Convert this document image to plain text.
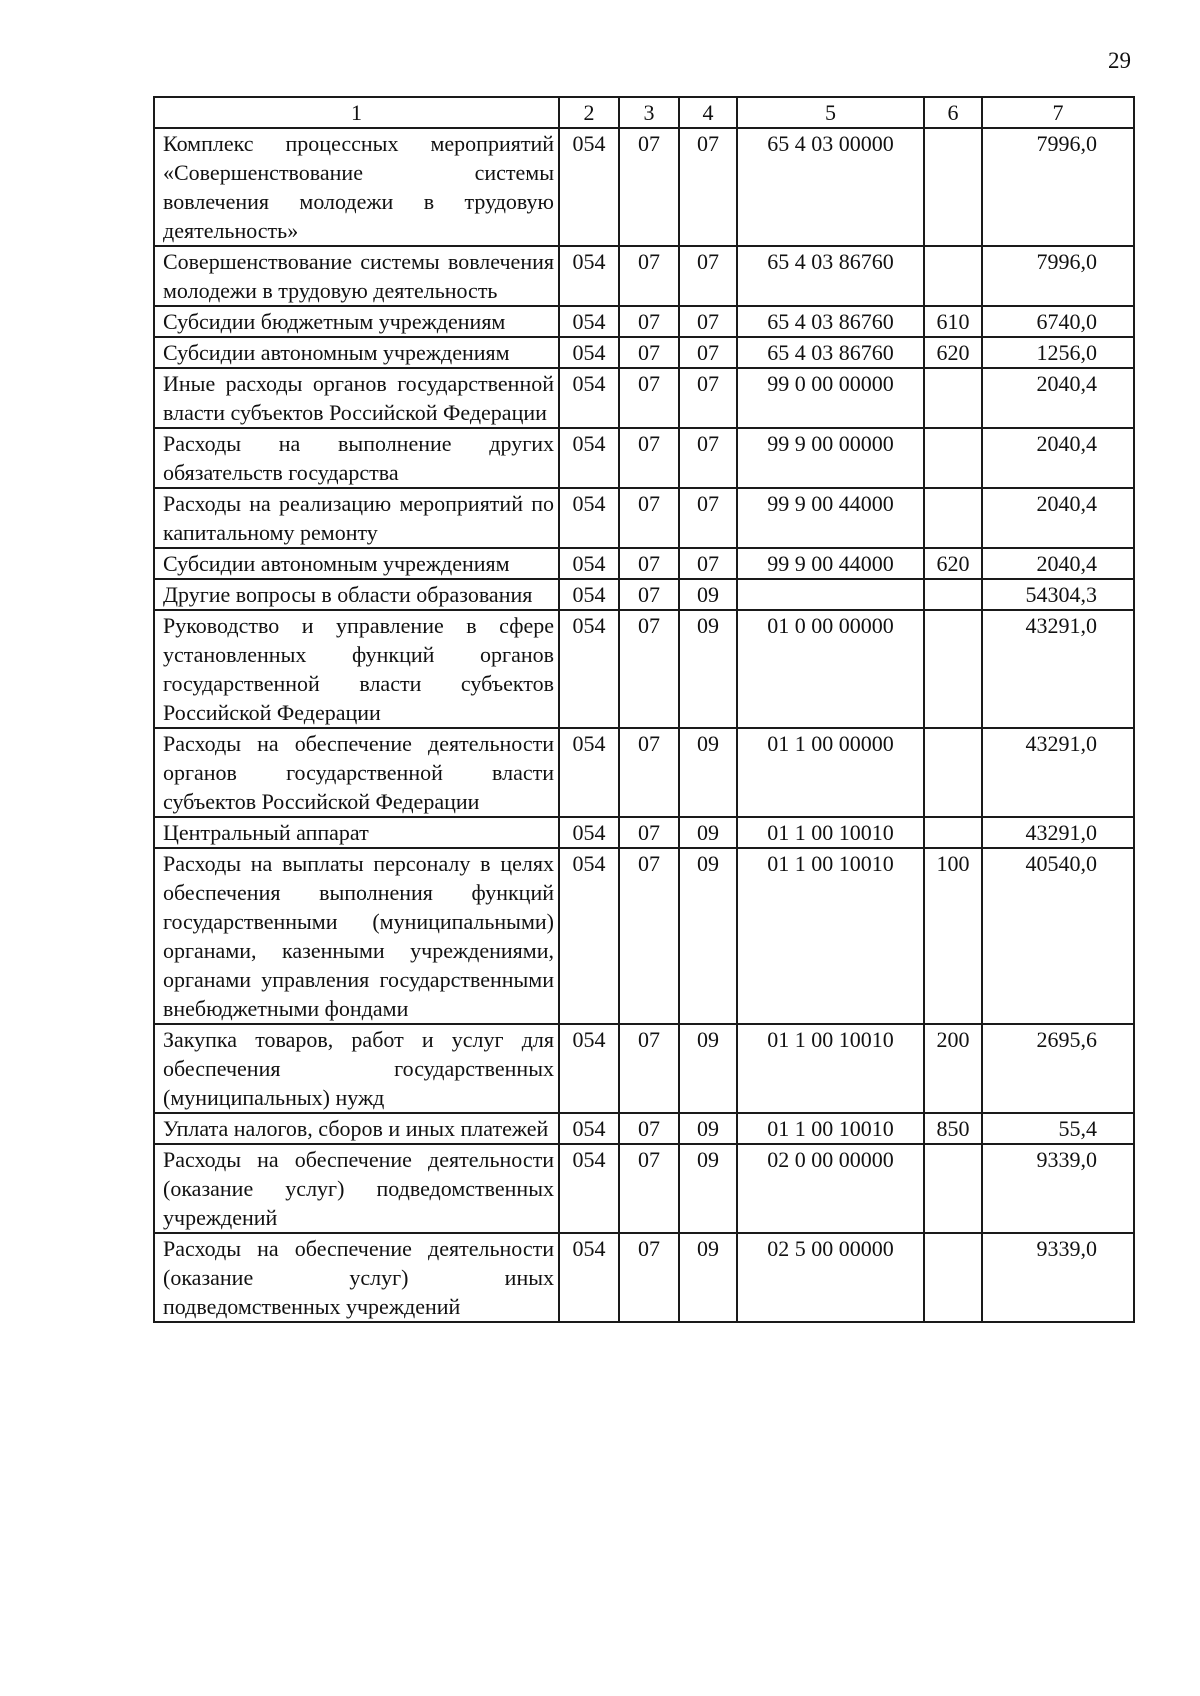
29
1	2	3	4	5	6	7
Комплекс процессных мероприятий «Совершенствование системы вовлечения молодежи в трудовую деятельность»	054	07	07	65 4 03 00000		7996,0
Совершенствование системы вовлечения молодежи в трудовую деятельность	054	07	07	65 4 03 86760		7996,0
Субсидии бюджетным учреждениям	054	07	07	65 4 03 86760	610	6740,0
Субсидии автономным учреждениям	054	07	07	65 4 03 86760	620	1256,0
Иные расходы органов государственной власти субъектов Российской Федерации	054	07	07	99 0 00 00000		2040,4
Расходы на выполнение других обязательств государства	054	07	07	99 9 00 00000		2040,4
Расходы на реализацию мероприятий по капитальному ремонту	054	07	07	99 9 00 44000		2040,4
Субсидии автономным учреждениям	054	07	07	99 9 00 44000	620	2040,4
Другие вопросы в области образования	054	07	09			54304,3
Руководство и управление в сфере установленных функций органов государственной власти субъектов Российской Федерации	054	07	09	01 0 00 00000		43291,0
Расходы на обеспечение деятельности органов государственной власти субъектов Российской Федерации	054	07	09	01 1 00 00000		43291,0
Центральный аппарат	054	07	09	01 1 00 10010		43291,0
Расходы на выплаты персоналу в целях обеспечения выполнения функций государственными (муниципальными) органами, казенными учреждениями, органами управления государственными внебюджетными фондами	054	07	09	01 1 00 10010	100	40540,0
Закупка товаров, работ и услуг для обеспечения государственных (муниципальных) нужд	054	07	09	01 1 00 10010	200	2695,6
Уплата налогов, сборов и иных платежей	054	07	09	01 1 00 10010	850	55,4
Расходы на обеспечение деятельности (оказание услуг) подведомственных учреждений	054	07	09	02 0 00 00000		9339,0
Расходы на обеспечение деятельности (оказание услуг) иных подведомственных учреждений	054	07	09	02 5 00 00000		9339,0
